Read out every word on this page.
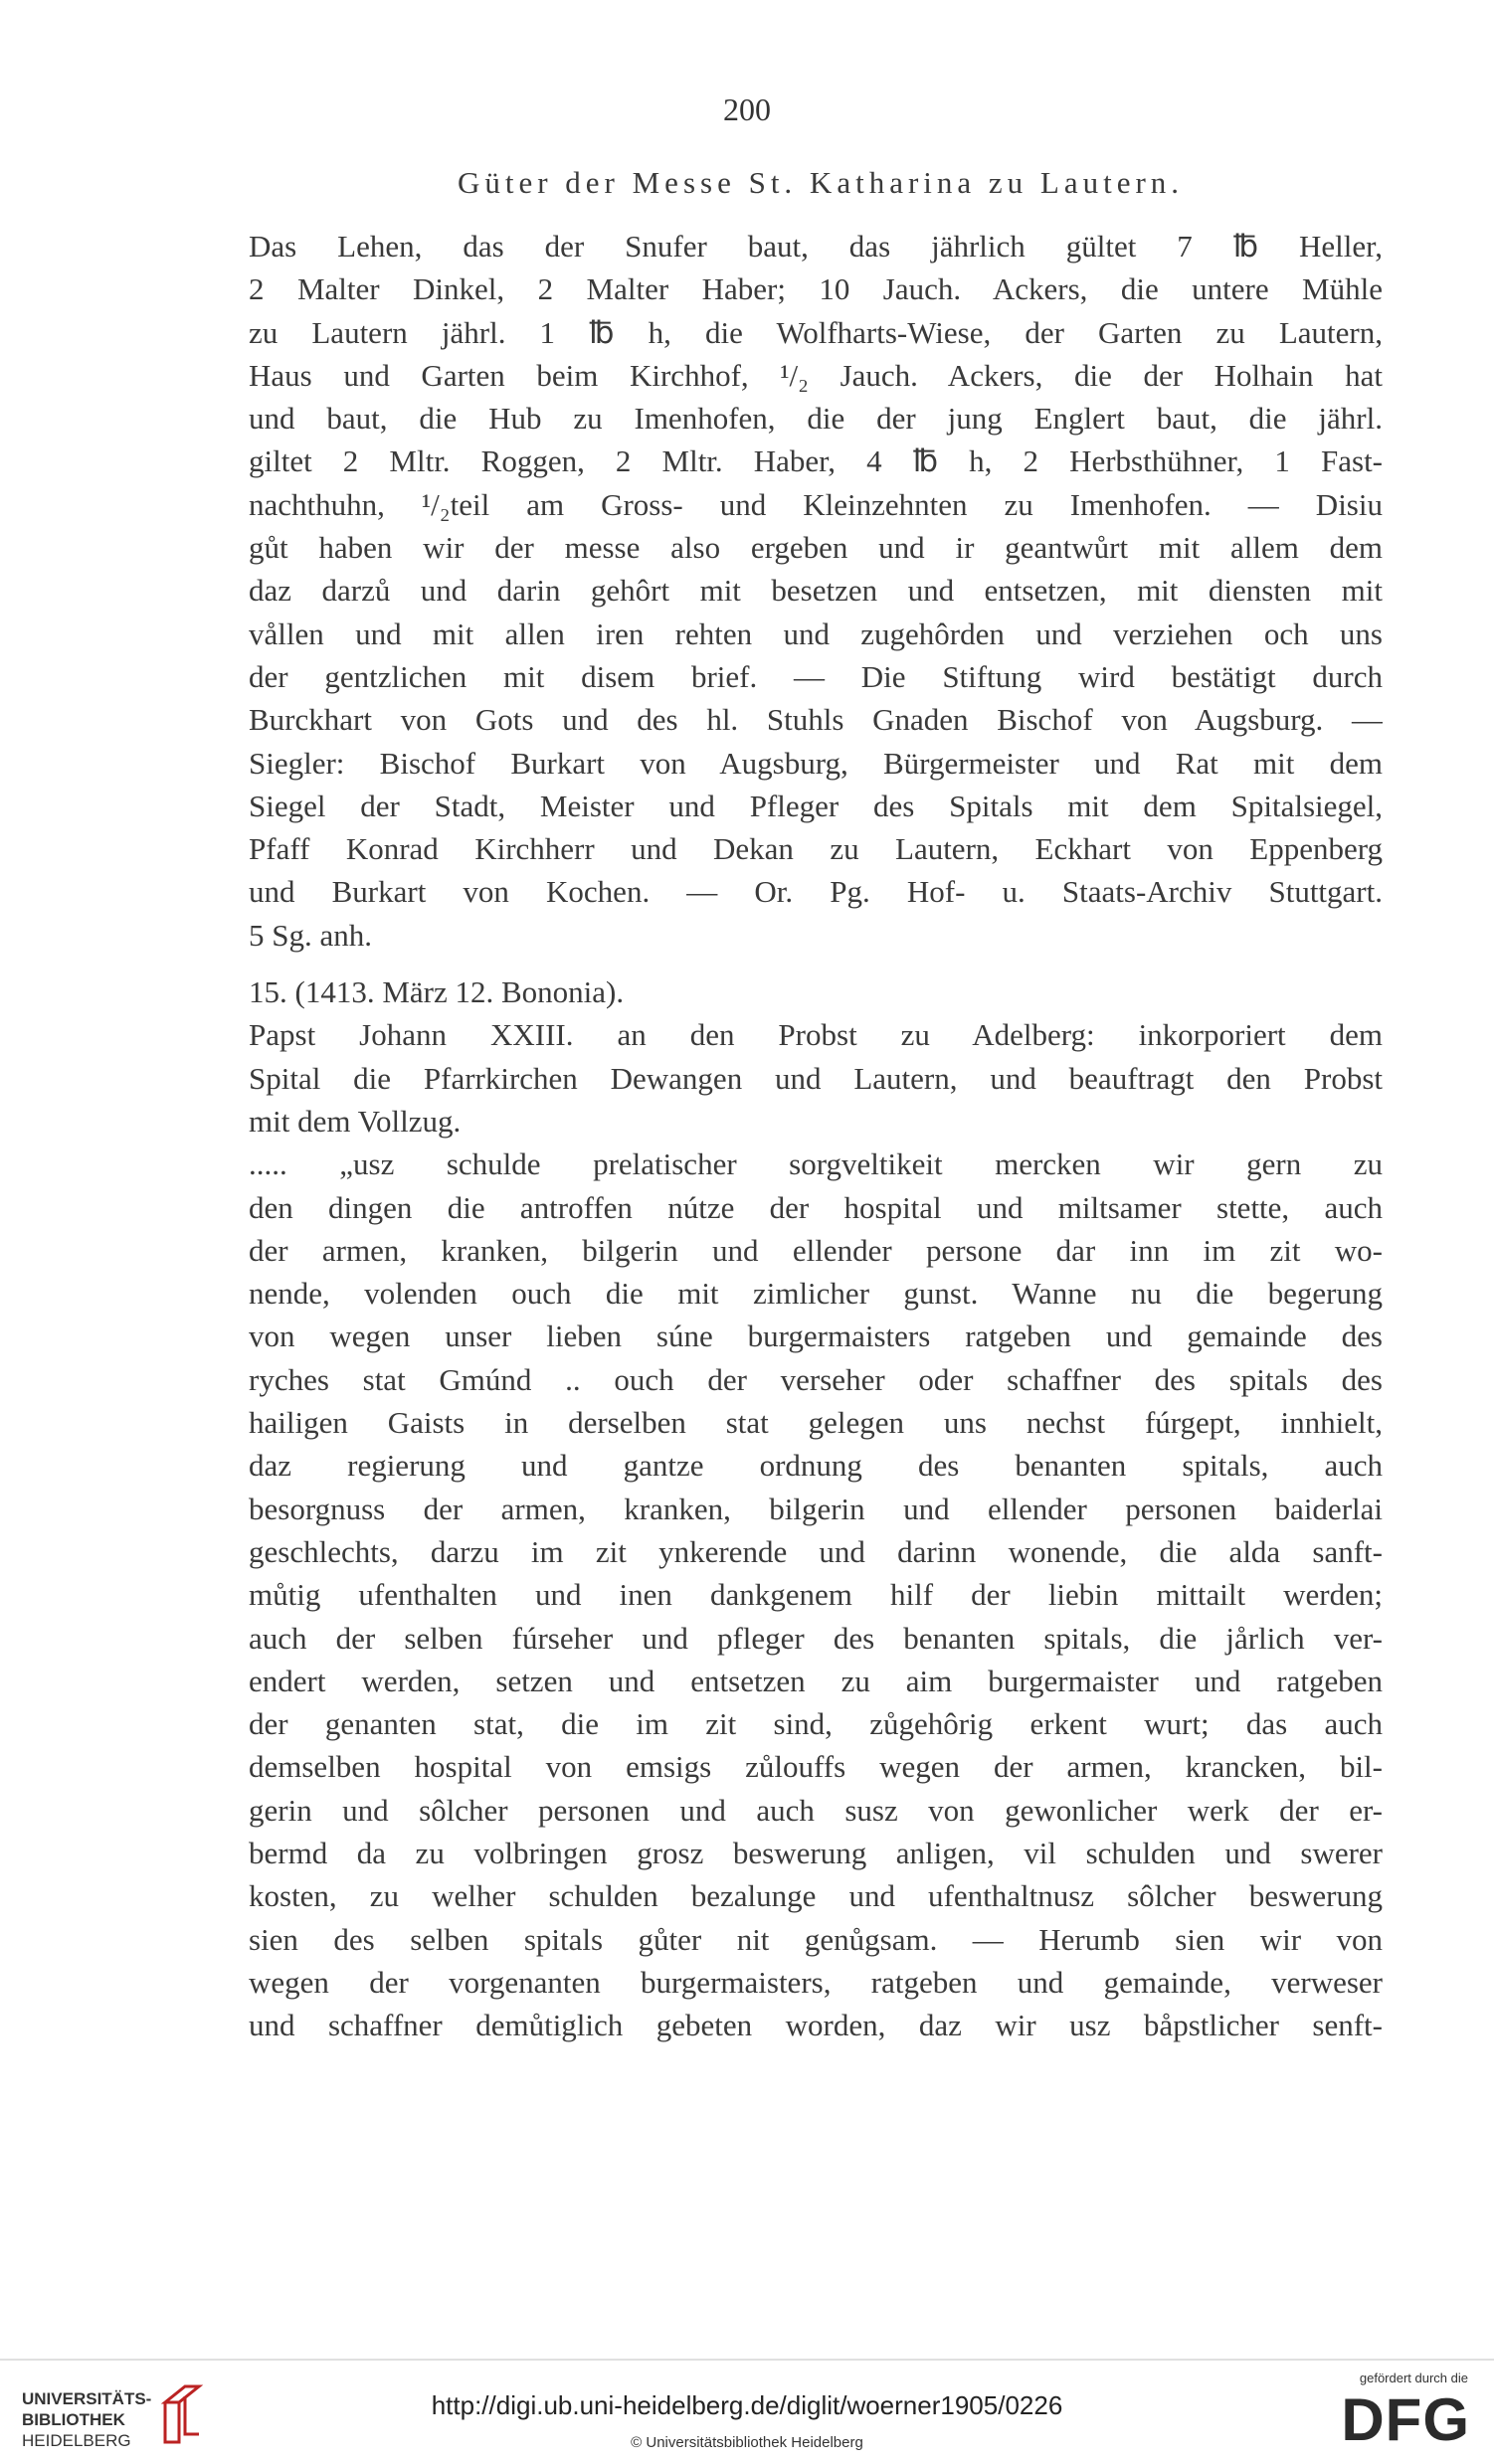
200
Güter der Messe St. Katharina zu Lautern.
Das Lehen, das der Snufer baut, das jährlich gültet 7 ℔ Heller,
2 Malter Dinkel, 2 Malter Haber; 10 Jauch. Ackers, die untere Mühle
zu Lautern jährl. 1 ℔ h, die Wolfharts-Wiese, der Garten zu Lautern,
Haus und Garten beim Kirchhof, ¹/₂ Jauch. Ackers, die der Holhain hat
und baut, die Hub zu Imenhofen, die der jung Englert baut, die jährl.
giltet 2 Mltr. Roggen, 2 Mltr. Haber, 4 ℔ h, 2 Herbsthühner, 1 Fast-
nachthuhn, ¹/₂teil am Gross- und Kleinzehnten zu Imenhofen. — Disiu
gůt haben wir der messe also ergeben und ir geantwůrt mit allem dem
daz darzů und darin gehôrt mit besetzen und entsetzen, mit diensten mit
vållen und mit allen iren rehten und zugehôrden und verziehen och uns
der gentzlichen mit disem brief. — Die Stiftung wird bestätigt durch
Burckhart von Gots und des hl. Stuhls Gnaden Bischof von Augsburg. —
Siegler: Bischof Burkart von Augsburg, Bürgermeister und Rat mit dem
Siegel der Stadt, Meister und Pfleger des Spitals mit dem Spitalsiegel,
Pfaff Konrad Kirchherr und Dekan zu Lautern, Eckhart von Eppenberg
und Burkart von Kochen. — Or. Pg. Hof- u. Staats-Archiv Stuttgart.
5 Sg. anh.
15. (1413. März 12. Bononia).
Papst Johann XXIII. an den Probst zu Adelberg: inkorporiert dem
Spital die Pfarrkirchen Dewangen und Lautern, und beauftragt den Probst
mit dem Vollzug.
..... „usz schulde prelatischer sorgveltikeit mercken wir gern zu
den dingen die antroffen nútze der hospital und miltsamer stette, auch
der armen, kranken, bilgerin und ellender persone dar inn im zit wo-
nende, volenden ouch die mit zimlicher gunst. Wanne nu die begerung
von wegen unser lieben súne burgermaisters ratgeben und gemainde des
ryches stat Gmúnd .. ouch der verseher oder schaffner des spitals des
hailigen Gaists in derselben stat gelegen uns nechst fúrgept, innhielt,
daz regierung und gantze ordnung des benanten spitals, auch
besorgnuss der armen, kranken, bilgerin und ellender personen baiderlai
geschlechts, darzu im zit ynkerende und darinn wonende, die alda sanft-
můtig ufenthalten und inen dankgenem hilf der liebin mittailt werden;
auch der selben fúrseher und pfleger des benanten spitals, die jårlich ver-
endert werden, setzen und entsetzen zu aim burgermaister und ratgeben
der genanten stat, die im zit sind, zůgehôrig erkent wurt; das auch
demselben hospital von emsigs zůlouffs wegen der armen, krancken, bil-
gerin und sôlcher personen und auch susz von gewonlicher werk der er-
bermd da zu volbringen grosz beswerung anligen, vil schulden und swerer
kosten, zu welher schulden bezalunge und ufenthaltnusz sôlcher beswerung
sien des selben spitals gůter nit genůgsam. — Herumb sien wir von
wegen der vorgenanten burgermaisters, ratgeben und gemainde, verweser
und schaffner demůtiglich gebeten worden, daz wir usz båpstlicher senft-
UNIVERSITÄTS-
BIBLIOTHEK
HEIDELBERG
http://digi.ub.uni-heidelberg.de/diglit/woerner1905/0226
© Universitätsbibliothek Heidelberg
gefördert durch die
DFG
